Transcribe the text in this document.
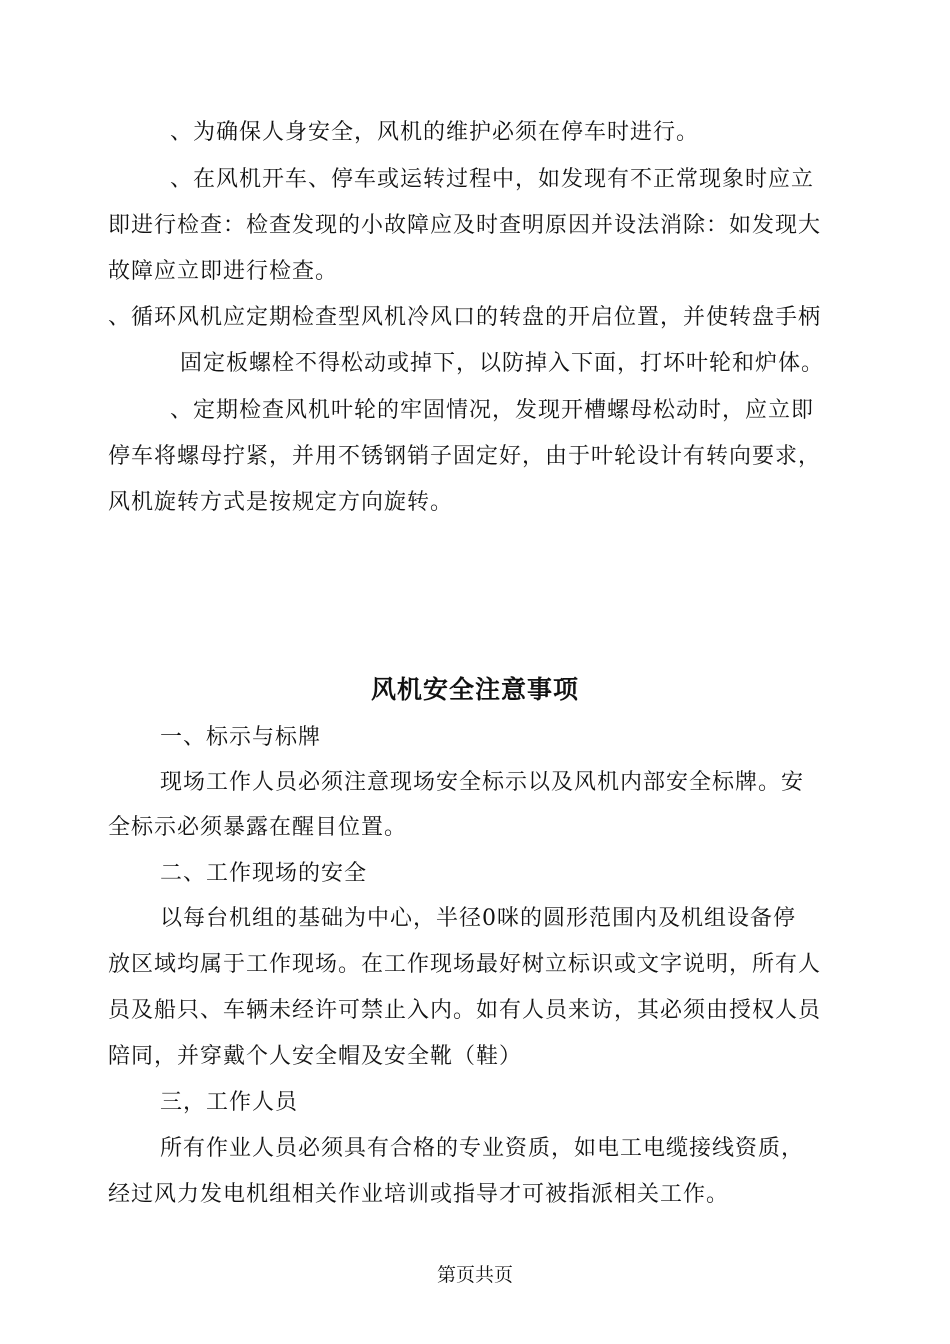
、为确保人身安全，风机的维护必须在停车时进行。

、在风机开车、停车或运转过程中，如发现有不正常现象时应立

即进行检查：检查发现的小故障应及时查明原因并设法消除：如发现大

故障应立即进行检查。

、循环风机应定期检查型风机冷风口的转盘的开启位置，并使转盘手柄

固定板螺栓不得松动或掉下，以防掉入下面，打坏叶轮和炉体。

、定期检查风机叶轮的牢固情况，发现开槽螺母松动时，应立即

停车将螺母拧紧，并用不锈钢销子固定好，由于叶轮设计有转向要求，

风机旋转方式是按规定方向旋转。

风机安全注意事项

一、标示与标牌

现场工作人员必须注意现场安全标示以及风机内部安全标牌。安

全标示必须暴露在醒目位置。

二、工作现场的安全

以每台机组的基础为中心，半径0咪的圆形范围内及机组设备停

放区域均属于工作现场。在工作现场最好树立标识或文字说明，所有人

员及船只、车辆未经许可禁止入内。如有人员来访，其必须由授权人员

陪同，并穿戴个人安全帽及安全靴（鞋）

三，工作人员

所有作业人员必须具有合格的专业资质，如电工电缆接线资质，

经过风力发电机组相关作业培训或指导才可被指派相关工作。

第页共页
